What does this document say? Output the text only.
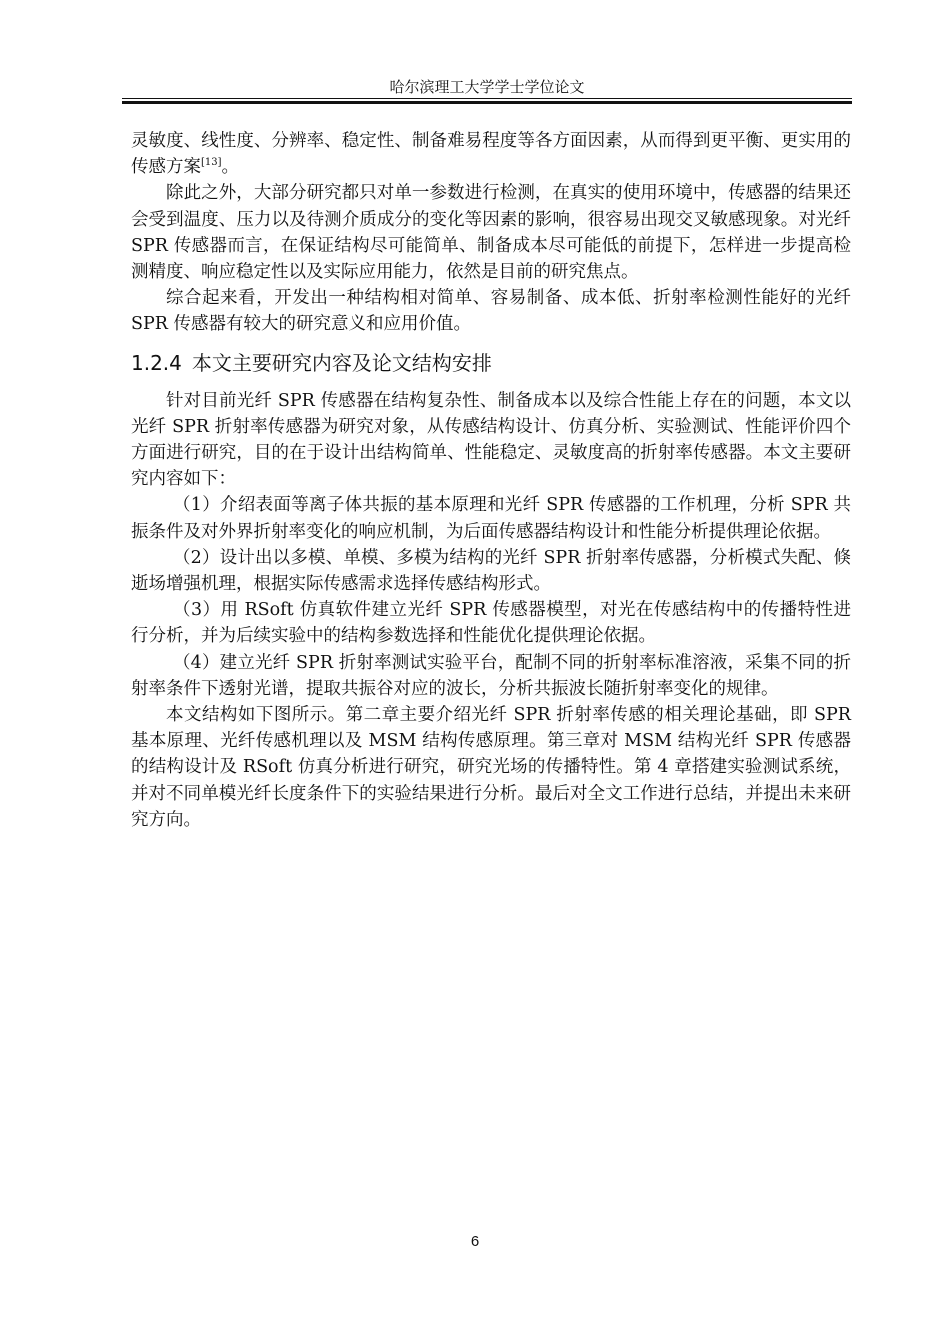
哈尔滨理工大学学士学位论文

灵敏度、线性度、分辨率、稳定性、制备难易程度等各方面因素，从而得到更平衡、更实用的传感方案[13]。

除此之外，大部分研究都只对单一参数进行检测，在真实的使用环境中，传感器的结果还会受到温度、压力以及待测介质成分的变化等因素的影响，很容易出现交叉敏感现象。对光纤 SPR 传感器而言，在保证结构尽可能简单、制备成本尽可能低的前提下，怎样进一步提高检测精度、响应稳定性以及实际应用能力，依然是目前的研究焦点。

综合起来看，开发出一种结构相对简单、容易制备、成本低、折射率检测性能好的光纤 SPR 传感器有较大的研究意义和应用价值。

1.2.4 本文主要研究内容及论文结构安排

针对目前光纤 SPR 传感器在结构复杂性、制备成本以及综合性能上存在的问题，本文以光纤 SPR 折射率传感器为研究对象，从传感结构设计、仿真分析、实验测试、性能评价四个方面进行研究，目的在于设计出结构简单、性能稳定、灵敏度高的折射率传感器。本文主要研究内容如下：

（1）介绍表面等离子体共振的基本原理和光纤 SPR 传感器的工作机理，分析 SPR 共振条件及对外界折射率变化的响应机制，为后面传感器结构设计和性能分析提供理论依据。

（2）设计出以多模、单模、多模为结构的光纤 SPR 折射率传感器，分析模式失配、倏逝场增强机理，根据实际传感需求选择传感结构形式。

（3）用 RSoft 仿真软件建立光纤 SPR 传感器模型，对光在传感结构中的传播特性进行分析，并为后续实验中的结构参数选择和性能优化提供理论依据。

（4）建立光纤 SPR 折射率测试实验平台，配制不同的折射率标准溶液，采集不同的折射率条件下透射光谱，提取共振谷对应的波长，分析共振波长随折射率变化的规律。

本文结构如下图所示。第二章主要介绍光纤 SPR 折射率传感的相关理论基础，即 SPR 基本原理、光纤传感机理以及 MSM 结构传感原理。第三章对 MSM 结构光纤 SPR 传感器的结构设计及 RSoft 仿真分析进行研究，研究光场的传播特性。第 4 章搭建实验测试系统，并对不同单模光纤长度条件下的实验结果进行分析。最后对全文工作进行总结，并提出未来研究方向。

6
